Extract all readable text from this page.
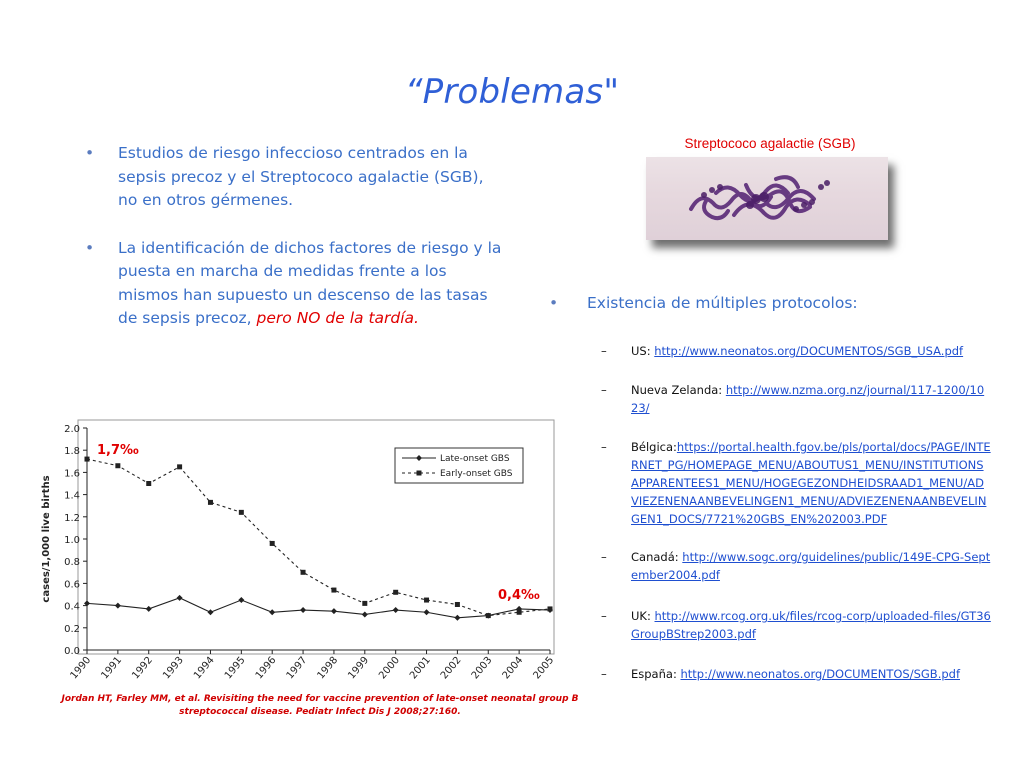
“Problemas"
• Estudios de riesgo infeccioso centrados en la sepsis precoz y el Streptococo agalactie (SGB), no en otros gérmenes.
• La identificación de dichos factores de riesgo y la puesta en marcha de medidas frente a los mismos han supuesto un descenso de las tasas de sepsis precoz, pero NO de la tardía.
Streptococo agalactie (SGB)
•	Existencia de múltiples protocolos:
–	US: http://www.neonatos.org/DOCUMENTOS/SGB_USA.pdf
–	Nueva Zelanda: http://www.nzma.org.nz/journal/117-1200/1023/
–	Bélgica:https://portal.health.fgov.be/pls/portal/docs/PAGE/INTERNET_PG/HOMEPAGE_MENU/ABOUTUS1_MENU/INSTITUTIONSAPPARENTEES1_MENU/HOGEGEZONDHEIDSRAAD1_MENU/ADVIEZENENAANBEVELINGEN1_MENU/ADVIEZENENAANBEVELINGEN1_DOCS/7721%20GBS_EN%202003.PDF
–	Canadá: http://www.sogc.org/guidelines/public/149E-CPG-September2004.pdf
–	UK: http://www.rcog.org.uk/files/rcog-corp/uploaded-files/GT36GroupBStrep2003.pdf
–	España: http://www.neonatos.org/DOCUMENTOS/SGB.pdf
0.0
0.2
0.4
0.6
0.8
1.0
1.2
1.4
1.6
1.8
2.0
1990 1991 1992 1993 1994 1995 1996 1997 1998 1999 2000 2001 2002 2003 2004 2005
cases/1,000 live births
Late-onset GBS
Early-onset GBS
1,7‰
0,4‰
Jordan HT, Farley MM, et al. Revisiting the need for vaccine prevention of late-onset neonatal group B streptococcal disease. Pediatr Infect Dis J 2008;27:160.
